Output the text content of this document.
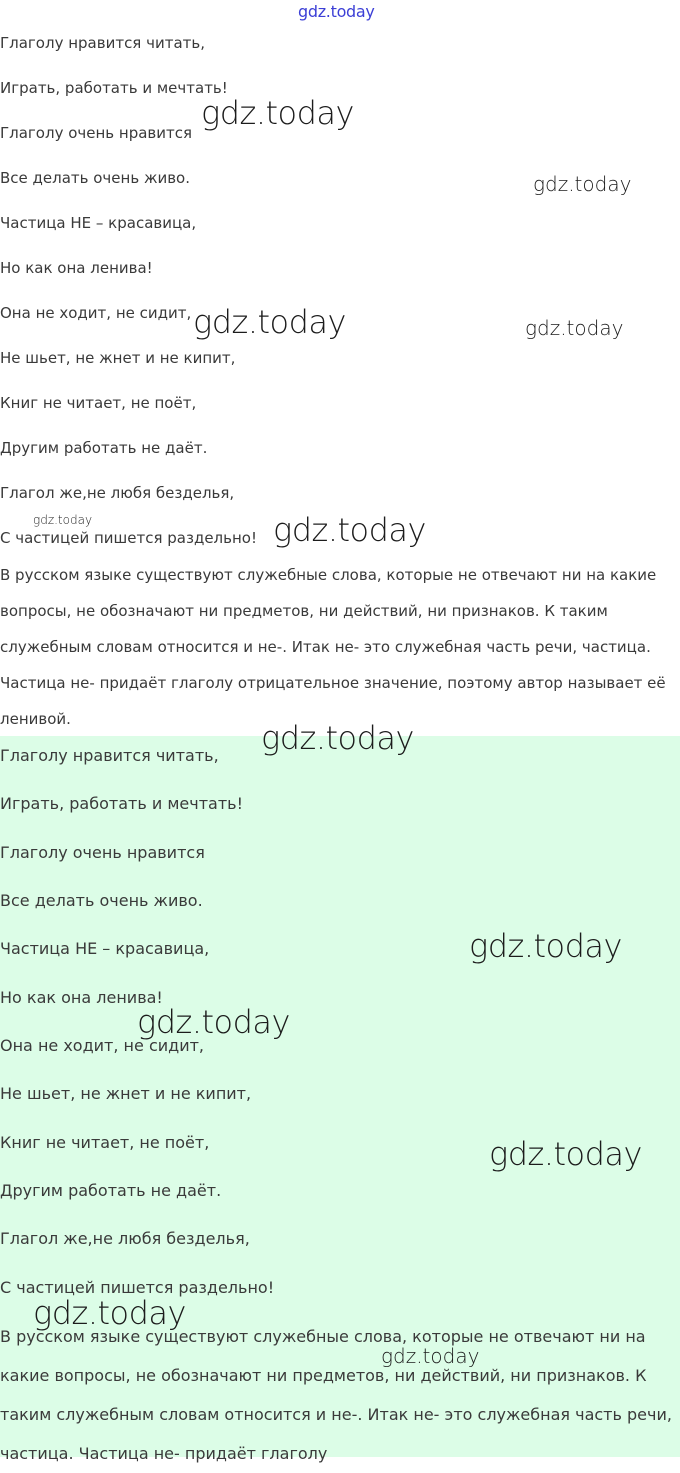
gdz.today
Глаголу нравится читать,
Играть, работать и мечтать!
Глаголу очень нравится
Все делать очень живо.
Частица НЕ – красавица,
Но как она ленива!
Она не ходит, не сидит,
Не шьет, не жнет и не кипит,
Книг не читает, не поёт,
Другим работать не даёт.
Глагол же,не любя безделья,
С частицей пишется раздельно!
В русском языке существуют служебные слова, которые не отвечают ни на какие вопросы, не обозначают ни предметов, ни действий, ни признаков. К таким служебным словам относится и не-. Итак не- это служебная часть речи, частица. Частица не- придаёт глаголу отрицательное значение, поэтому автор называет её ленивой.
Глаголу нравится читать,
Играть, работать и мечтать!
Глаголу очень нравится
Все делать очень живо.
Частица НЕ – красавица,
Но как она ленива!
Она не ходит, не сидит,
Не шьет, не жнет и не кипит,
Книг не читает, не поёт,
Другим работать не даёт.
Глагол же,не любя безделья,
С частицей пишется раздельно!
В русском языке существуют служебные слова, которые не отвечают ни на какие вопросы, не обозначают ни предметов, ни действий, ни признаков. К таким служебным словам относится и не-. Итак не- это служебная часть речи, частица. Частица не- придаёт глаголу
gdz.today
gdz.today
gdz.today	gdz.today
gdz.today	gdz.today
gdz.today
gdz.today
gdz.today
gdz.today
gdz.today
gdz.today
